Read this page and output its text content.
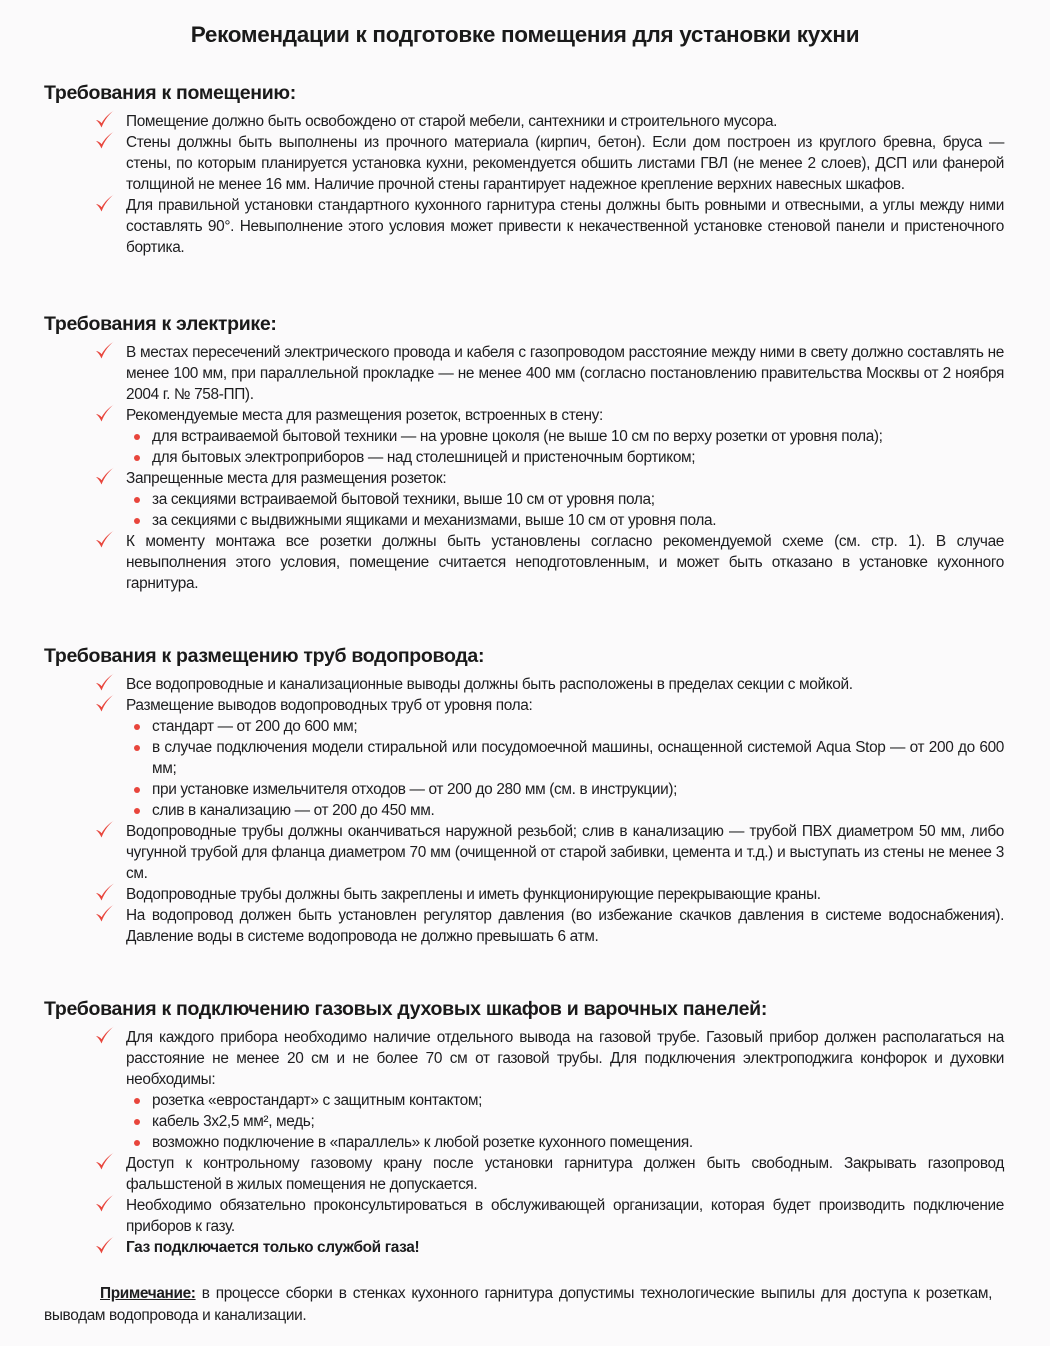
Рекомендации к подготовке помещения для установки кухни
Требования к помещению:
Помещение должно быть освобождено от старой мебели, сантехники и строительного мусора.
Стены должны быть выполнены из прочного материала (кирпич, бетон). Если дом построен из круглого бревна, бруса — стены, по которым планируется установка кухни, рекомендуется обшить листами ГВЛ (не менее 2 слоев), ДСП или фанерой толщиной не менее 16 мм. Наличие прочной стены гарантирует надежное крепление верхних навесных шкафов.
Для правильной установки стандартного кухонного гарнитура стены должны быть ровными и отвесными, а углы между ними составлять 90°. Невыполнение этого условия может привести к некачественной установке стеновой панели и пристеночного бортика.
Требования к электрике:
В местах пересечений электрического провода и кабеля с газопроводом расстояние между ними в свету должно составлять не менее 100 мм, при параллельной прокладке — не менее 400 мм (согласно постановлению правительства Москвы от 2 ноября 2004 г. № 758-ПП).
Рекомендуемые места для размещения розеток, встроенных в стену:
для встраиваемой бытовой техники — на уровне цоколя (не выше 10 см по верху розетки от уровня пола);
для бытовых электроприборов — над столешницей и пристеночным бортиком;
Запрещенные места для размещения розеток:
за секциями встраиваемой бытовой техники, выше 10 см от уровня пола;
за секциями с выдвижными ящиками и механизмами, выше 10 см от уровня пола.
К моменту монтажа все розетки должны быть установлены согласно рекомендуемой схеме (см. стр. 1). В случае невыполнения этого условия, помещение считается неподготовленным, и может быть отказано в установке кухонного гарнитура.
Требования к размещению труб водопровода:
Все водопроводные и канализационные выводы должны быть расположены в пределах секции с мойкой.
Размещение выводов водопроводных труб от уровня пола:
стандарт — от 200 до 600 мм;
в случае подключения модели стиральной или посудомоечной машины, оснащенной системой Aqua Stop — от 200 до 600 мм;
при установке измельчителя отходов — от 200 до 280 мм (см. в инструкции);
слив в канализацию — от 200 до 450 мм.
Водопроводные трубы должны оканчиваться наружной резьбой; слив в канализацию — трубой ПВХ диаметром 50 мм, либо чугунной трубой для фланца диаметром 70 мм (очищенной от старой забивки, цемента и т.д.) и выступать из стены не менее 3 см.
Водопроводные трубы должны быть закреплены и иметь функционирующие перекрывающие краны.
На водопровод должен быть установлен регулятор давления (во избежание скачков давления в системе водоснабжения). Давление воды в системе водопровода не должно превышать 6 атм.
Требования к подключению газовых духовых шкафов и варочных панелей:
Для каждого прибора необходимо наличие отдельного вывода на газовой трубе. Газовый прибор должен располагаться на расстояние не менее 20 см и не более 70 см от газовой трубы. Для подключения электроподжига конфорок и духовки необходимы:
розетка «евростандарт» с защитным контактом;
кабель 3х2,5 мм², медь;
возможно подключение в «параллель» к любой розетке кухонного помещения.
Доступ к контрольному газовому крану после установки гарнитура должен быть свободным. Закрывать газопровод фальшстеной в жилых помещения не допускается.
Необходимо обязательно проконсультироваться в обслуживающей организации, которая будет производить подключение приборов к газу.
Газ подключается только службой газа!
Примечание: в процессе сборки в стенках кухонного гарнитура допустимы технологические выпилы для доступа к розеткам, выводам водопровода и канализации.
